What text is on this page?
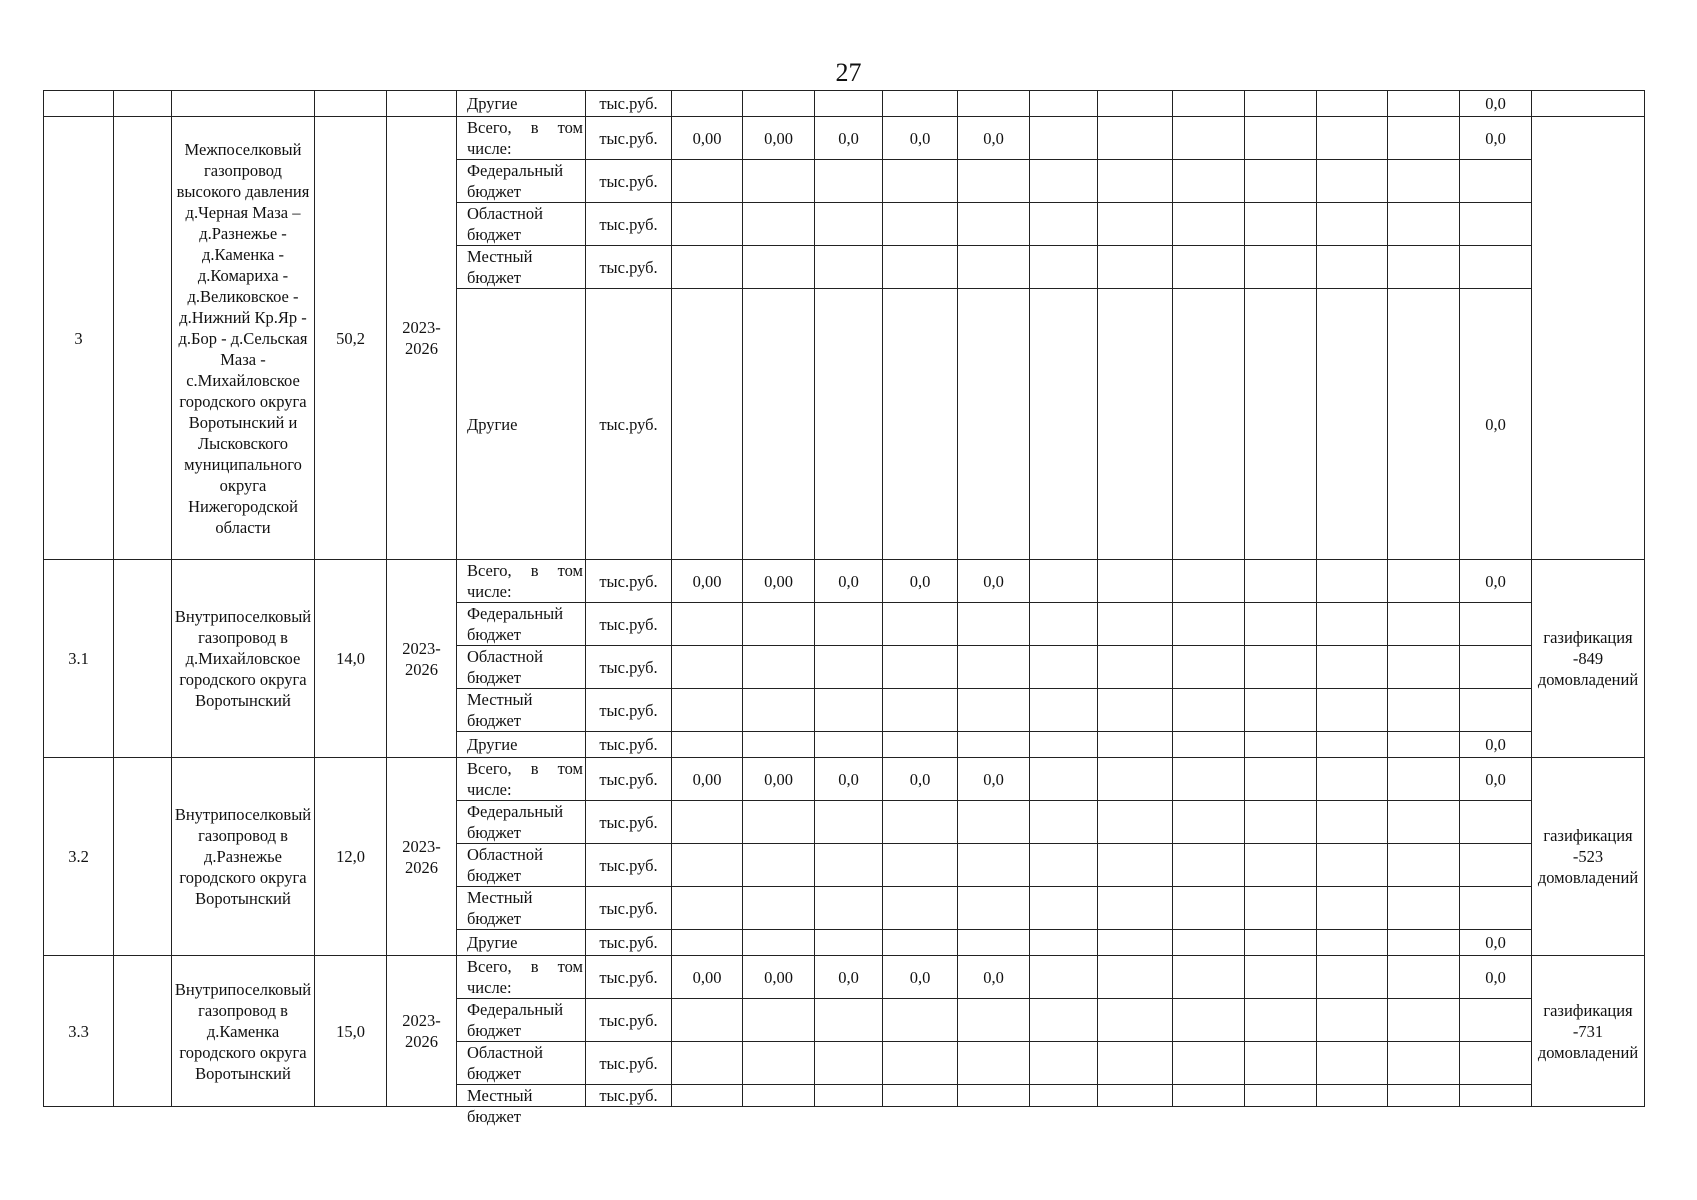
27
					Другие	тыс.руб.												0,0	
3		Межпоселковый газопровод высокого давления д.Черная Маза – д.Разнежье - д.Каменка - д.Комариха - д.Великовское - д.Нижний Кр.Яр - д.Бор - д.Сельская Маза - с.Михайловское городского округа Воротынский и Лысковского муниципального округа Нижегородской области	50,2	2023-2026	Всего, в том числе:	тыс.руб.	0,00	0,00	0,0	0,0	0,0							0,0	
					Федеральный бюджет	тыс.руб.													
					Областной бюджет	тыс.руб.													
					Местный бюджет	тыс.руб.													
					Другие	тыс.руб.												0,0	
3.1		Внутрипоселковый газопровод в д.Михайловское городского округа Воротынский	14,0	2023-2026	Всего, в том числе:	тыс.руб.	0,00	0,00	0,0	0,0	0,0							0,0	газификация -849 домовладений
					Федеральный бюджет	тыс.руб.													
					Областной бюджет	тыс.руб.													
					Местный бюджет	тыс.руб.													
					Другие	тыс.руб.												0,0	
3.2		Внутрипоселковый газопровод в д.Разнежье городского округа Воротынский	12,0	2023-2026	Всего, в том числе:	тыс.руб.	0,00	0,00	0,0	0,0	0,0							0,0	газификация -523 домовладений
					Федеральный бюджет	тыс.руб.													
					Областной бюджет	тыс.руб.													
					Местный бюджет	тыс.руб.													
					Другие	тыс.руб.												0,0	
3.3		Внутрипоселковый газопровод в д.Каменка городского округа Воротынский	15,0	2023-2026	Всего, в том числе:	тыс.руб.	0,00	0,00	0,0	0,0	0,0							0,0	газификация -731 домовладений
					Федеральный бюджет	тыс.руб.													
					Областной бюджет	тыс.руб.													

					Местный бюджет	тыс.руб.													
